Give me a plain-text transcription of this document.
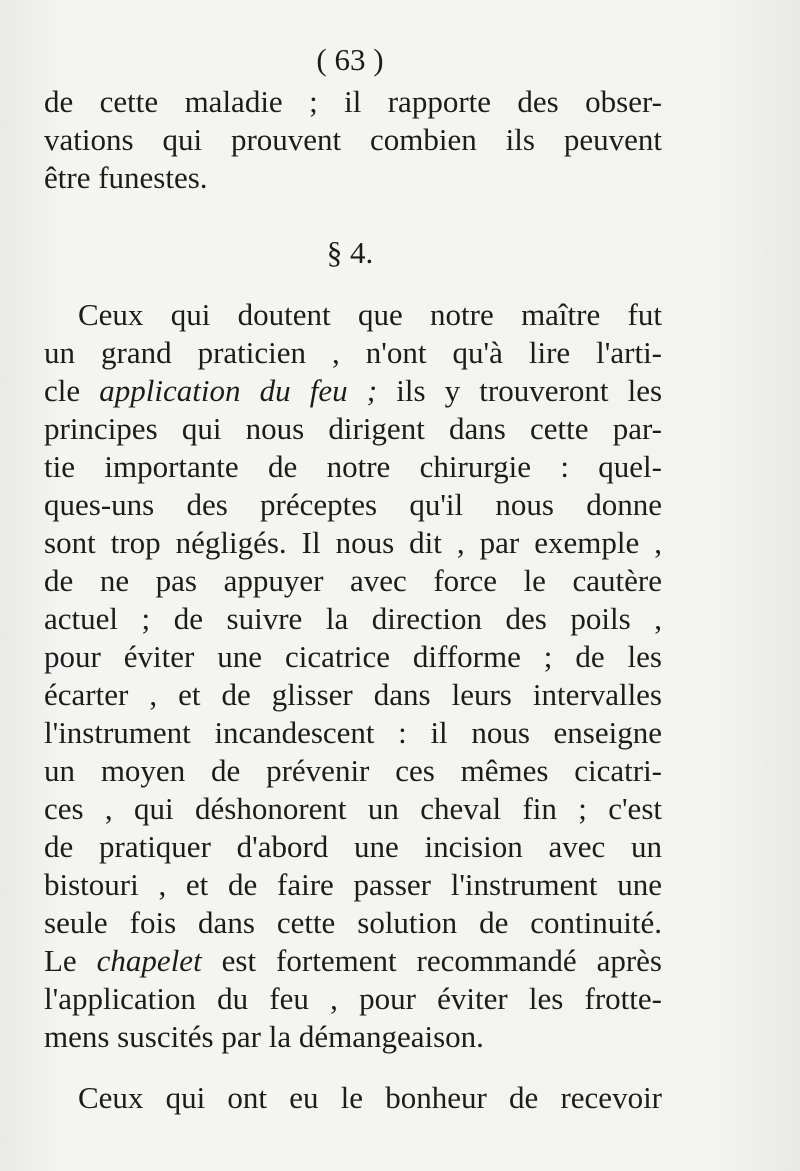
( 63 )
de cette maladie ; il rapporte des obser-
vations qui prouvent combien ils peuvent
être funestes.
§ 4.
Ceux qui doutent que notre maître fut
un grand praticien , n'ont qu'à lire l'arti-
cle application du feu ; ils y trouveront les
principes qui nous dirigent dans cette par-
tie importante de notre chirurgie : quel-
ques-uns des préceptes qu'il nous donne
sont trop négligés. Il nous dit , par exemple ,
de ne pas appuyer avec force le cautère
actuel ; de suivre la direction des poils ,
pour éviter une cicatrice difforme ; de les
écarter , et de glisser dans leurs intervalles
l'instrument incandescent : il nous enseigne
un moyen de prévenir ces mêmes cicatri-
ces , qui déshonorent un cheval fin ; c'est
de pratiquer d'abord une incision avec un
bistouri , et de faire passer l'instrument une
seule fois dans cette solution de continuité.
Le chapelet est fortement recommandé après
l'application du feu , pour éviter les frotte-
mens suscités par la démangeaison.
Ceux qui ont eu le bonheur de recevoir
